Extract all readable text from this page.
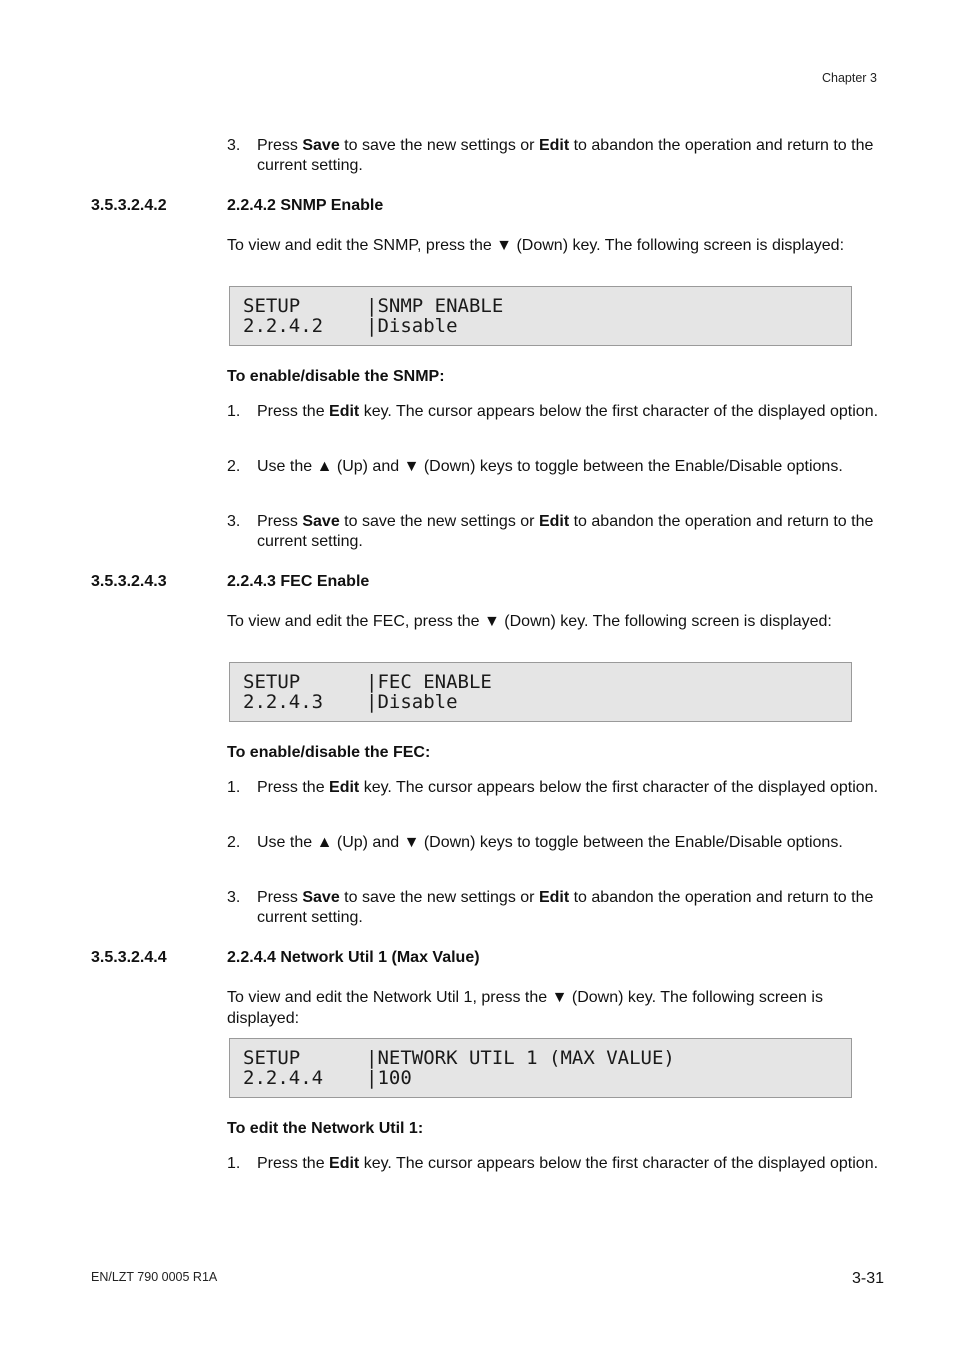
Chapter 3
3. Press Save to save the new settings or Edit to abandon the operation and return to the current setting.
3.5.3.2.4.2	2.2.4.2 SNMP Enable
To view and edit the SNMP, press the ▼ (Down) key. The following screen is displayed:
SETUP	|SNMP ENABLE
2.2.4.2 |Disable
To enable/disable the SNMP:
1. Press the Edit key. The cursor appears below the first character of the displayed option.
2. Use the ▲ (Up) and ▼ (Down) keys to toggle between the Enable/Disable options.
3. Press Save to save the new settings or Edit to abandon the operation and return to the current setting.
3.5.3.2.4.3	2.2.4.3 FEC Enable
To view and edit the FEC, press the ▼ (Down) key. The following screen is displayed:
SETUP	|FEC ENABLE
2.2.4.3 |Disable
To enable/disable the FEC:
1. Press the Edit key. The cursor appears below the first character of the displayed option.
2. Use the ▲ (Up) and ▼ (Down) keys to toggle between the Enable/Disable options.
3. Press Save to save the new settings or Edit to abandon the operation and return to the current setting.
3.5.3.2.4.4	2.2.4.4 Network Util 1 (Max Value)
To view and edit the Network Util 1, press the ▼ (Down) key. The following screen is displayed:
SETUP	|NETWORK UTIL 1 (MAX VALUE)
2.2.4.4 |100
To edit the Network Util 1:
1. Press the Edit key. The cursor appears below the first character of the displayed option.
EN/LZT 790 0005 R1A	3-31
